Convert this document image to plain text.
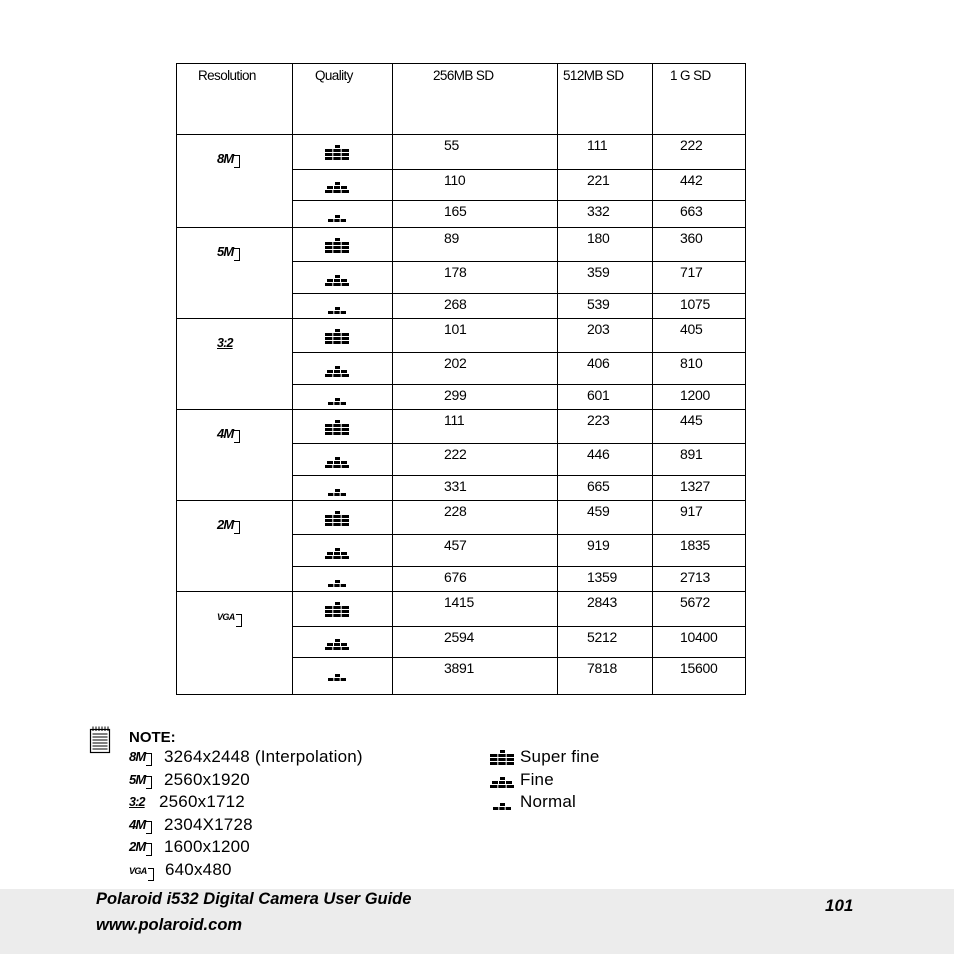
Resolution	Quality	256MB SD	512MB SD	1 G SD
8M
55	111	222
110	221	442
165	332	663
5M
89	180	360
178	359	717
268	539	1075
3:2
101	203	405
202	406	810
299	601	1200
4M
111	223	445
222	446	891
331	665	1327
2M
228	459	917
457	919	1835
676	1359	2713
VGA
1415	2843	5672
2594	5212	10400
3891	7818	15600
NOTE:
8M	3264x2448 (Interpolation)
5M	2560x1920
3:2 2560x1712
4M	2304X1728
2M	1600x1200
VGA	640x480
Super fine
Fine
Normal
Polaroid i532 Digital Camera User Guide
www.polaroid.com
101
